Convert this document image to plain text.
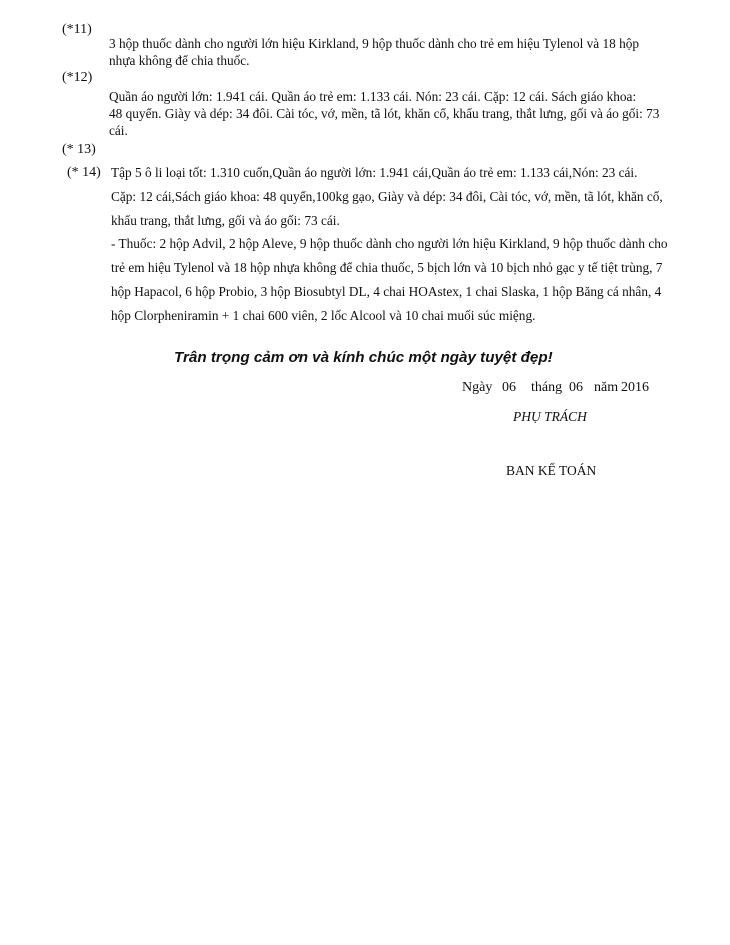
(*11)
3 hộp thuốc dành cho người lớn hiệu Kirkland, 9 hộp thuốc dành cho trẻ em hiệu Tylenol và 18 hộp
nhựa không để chia thuốc.
(*12)
Quần áo người lớn: 1.941 cái. Quần áo trẻ em: 1.133 cái. Nón: 23 cái. Cặp: 12 cái. Sách giáo khoa:
48 quyển. Giày và dép: 34 đôi. Cài tóc, vớ, mền, tã lót, khăn cổ, khẩu trang, thắt lưng, gối và áo gối: 73
cái.
(* 13)
(* 14) Tập 5 ô li loại tốt: 1.310 cuốn,Quần áo người lớn: 1.941 cái,Quần áo trẻ em: 1.133 cái,Nón: 23 cái.
Cặp: 12 cái,Sách giáo khoa: 48 quyển,100kg gạo, Giày và dép: 34 đôi, Cài tóc, vớ, mền, tã lót, khăn cổ,
khẩu trang, thắt lưng, gối và áo gối: 73 cái.
- Thuốc: 2 hộp Advil, 2 hộp Aleve, 9 hộp thuốc dành cho người lớn hiệu Kirkland, 9 hộp thuốc dành cho
trẻ em hiệu Tylenol và 18 hộp nhựa không để chia thuốc, 5 bịch lớn và 10 bịch nhỏ gạc y tế tiệt trùng, 7
hộp Hapacol, 6 hộp Probio, 3 hộp Biosubtyl DL, 4 chai HOAstex, 1 chai Slaska, 1 hộp Băng cá nhân, 4
hộp Clorpheniramin + 1 chai 600 viên, 2 lốc Alcool và 10 chai muối súc miệng.
Trân trọng cảm ơn và kính chúc một ngày tuyệt đẹp!
Ngày 06 tháng 06 năm 2016
PHỤ TRÁCH
BAN KẾ TOÁN
